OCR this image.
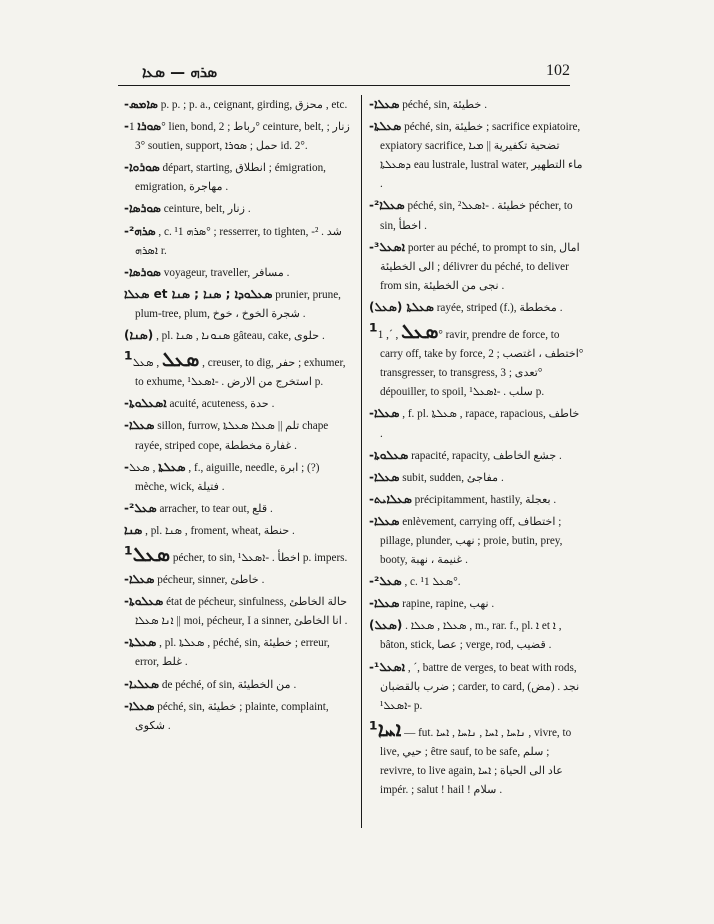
ܣܪܗ — ܣܥܐ	102
-ܣܐܡܣ p. p. ; p. a., ceignant, girding, محزق , etc.
-ܣܘܪܐ 1° lien, bond, رباط ; 2° ceinture, belt, زنار ; 3° soutien, support, حمل ; ܣܘܪܐ id. 2°.
-ܣܘܪܘܐ départ, starting, انطلاق ; émigration, emigration, مهاجرة .
-ܣܘܪܣܐ ceinture, belt, زنار .
-ܣܪܗ² , c. ¹ܣܪܗ 1° ; resserrer, to tighten, شد . ²-ܐܣܪܗ r.
-ܣܘܪܣܐ voyageur, traveller, مسافر .
ܣܥܠܐ et ܣܥܠܘܕܐ ; ܣܢܐ ; ܣܢܐ prunier, prune, plum-tree, plum, شجرة الخوخ ، خوخ .
(ܣܢܐ) , pl. ܣܢܘܢܐ , ܣܢܐ gâteau, cake, حلوى .
¹ܣܥܠ , ܣܥܠ , creuser, to dig, حفر ; exhumer, to exhume, استخرج من الارض . -ܐܣܥܠ¹ p.
-ܐܣܥܠܘܬܐ acuité, acuteness, حدة .
-ܣܥܠܐ sillon, furrow, تلم || ܣܥܠܐ ܣܥܠܬܐ chape rayée, striped cope, غفارة مخططة .
-ܣܥܠܬܐ , ܣܥܠ , f., aiguille, needle, ابرة ; (?) mèche, wick, فتيلة .
-ܣܥܠ² arracher, to tear out, قلع .
ܣܢܐ , pl. ܣܢܐ , froment, wheat, حنطة .
¹ܣܥܠ pécher, to sin, اخطأ . -ܐܣܥܠ¹ p. impers.
-ܣܥܠܐ pécheur, sinner, خاطئ .
-ܣܥܠܘܬܐ état de pécheur, sinfulness, حالة الخاطئ || ܐܢܐ ܣܥܠܐ moi, pécheur, I a sinner, انا الخاطئ .
-ܣܥܠܬܐ , pl. ܣܥܠܬܐ , péché, sin, خطيئة ; erreur, error, غلط .
-ܣܥܠܝܐ de péché, of sin, من الخطيئة .
-ܣܥܠܐ péché, sin, خطيئة ; plainte, complaint, شكوى .
-ܣܥܠܐ péché, sin, خطيئة .
-ܣܥܠܬܐ péché, sin, خطيئة ; sacrifice expiatoire, expiatory sacrifice, تضحية تكفيرية || ܡܝܐ ܕܣܥܠܬܐ eau lustrale, lustral water, ماء التطهير .
-ܣܥܠܐ² péché, sin, خطيئة . -ܐܣܥܠ² pécher, to sin, اخطأ .
-ܐܣܥܠ³ porter au péché, to prompt to sin, امال الى الخطيئة ; délivrer du péché, to deliver from sin, نجى من الخطيئة .
(ܣܥܠ) ܣܥܠܬܐ rayée, striped (f.), مخططة .
¹ܣܥܠ , ˊ, 1° ravir, prendre de force, to carry off, take by force, اختطف ، اغتصب ; 2° transgresser, to transgress, تعدى ; 3° dépouiller, to spoil, سلب . -ܐܣܥܠ¹ p.
-ܣܥܠܐ , f. pl. ܣܥܠܬܐ , rapace, rapacious, خاطف .
-ܣܥܠܘܬܐ rapacité, rapacity, جشع الخاطف .
-ܣܥܠܐ subit, sudden, مفاجئ .
-ܣܥܠܐܝܬ précipitamment, hastily, بعجلة .
-ܣܥܠܐ enlèvement, carrying off, اختطاف ; pillage, plunder, نهب ; proie, butin, prey, booty, غنيمة ، نهبة .
-ܣܥܠ² , c. ¹ܣܥܠ 1°.
-ܣܥܠܐ rapine, rapine, نهب .
(ܣܥܠ) . ܣܥܠܐ , ܣܥܠܐ , m., rar. f., pl. ܐ et ܐ , bâton, stick, عصا ; verge, rod, قضيب .
-ܐܣܥܠ¹ , ˊ, battre de verges, to beat with rods, ضرب بالقضبان ; carder, to card, (مض) نجد . -ܐܣܥܠ¹ p.
¹ܐܚܐ — fut. ܢܐܚܐ , ܐܚܐ , ܢܐܚܐ , ܐܚܐ , vivre, to live, حيي ; être sauf, to be safe, سلم ; revivre, to live again, عاد الى الحياة ; ܐܚܐ impér. ; salut ! hail ! سلام .
